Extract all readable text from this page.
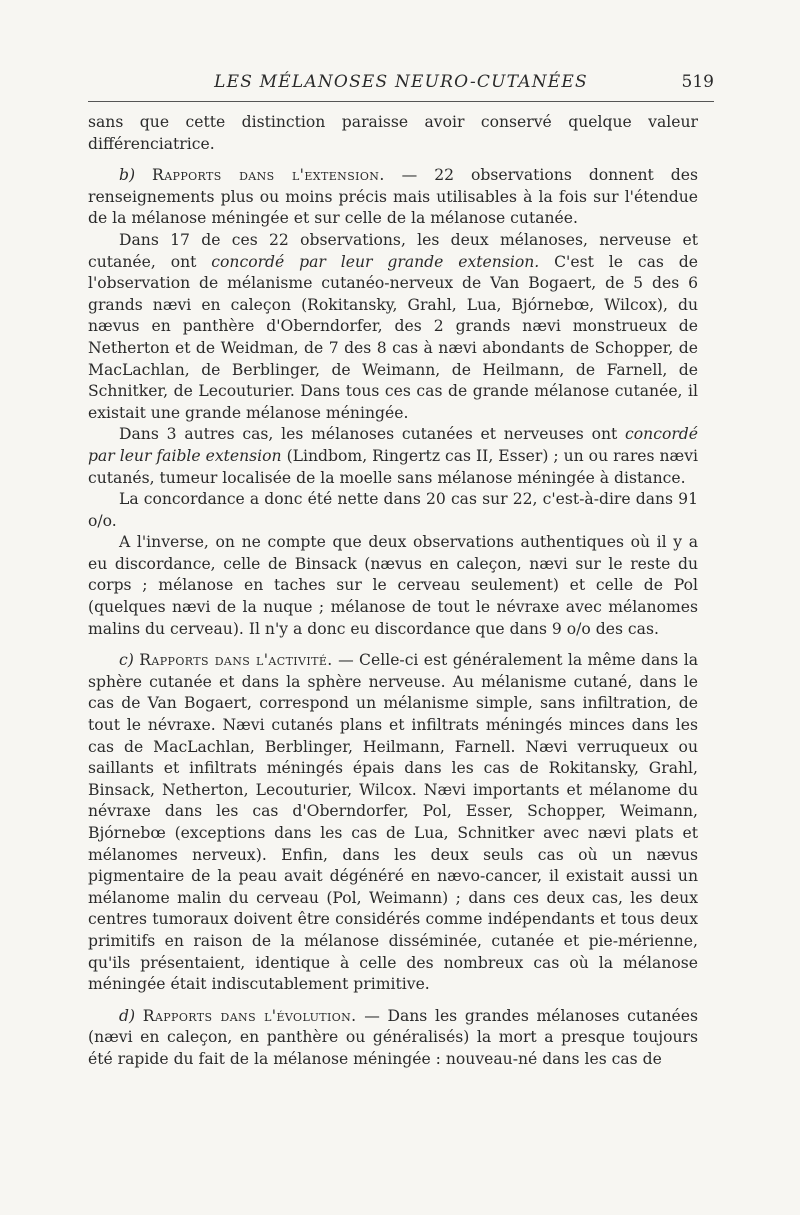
LES MÉLANOSES NEURO-CUTANÉES	519

sans que cette distinction paraisse avoir conservé quelque valeur différenciatrice.

b) Rapports dans l'extension. — 22 observations donnent des renseignements plus ou moins précis mais utilisables à la fois sur l'étendue de la mélanose méningée et sur celle de la mélanose cutanée.

Dans 17 de ces 22 observations, les deux mélanoses, nerveuse et cutanée, ont concordé par leur grande extension. C'est le cas de l'observation de mélanisme cutanéo-nerveux de Van Bogaert, de 5 des 6 grands nævi en caleçon (Rokitansky, Grahl, Lua, Bjórnebœ, Wilcox), du nævus en panthère d'Oberndorfer, des 2 grands nævi monstrueux de Netherton et de Weidman, de 7 des 8 cas à nævi abondants de Schopper, de MacLachlan, de Berblinger, de Weimann, de Heilmann, de Farnell, de Schnitker, de Lecouturier. Dans tous ces cas de grande mélanose cutanée, il existait une grande mélanose méningée.

Dans 3 autres cas, les mélanoses cutanées et nerveuses ont concordé par leur faible extension (Lindbom, Ringertz cas II, Esser) ; un ou rares nævi cutanés, tumeur localisée de la moelle sans mélanose méningée à distance.

La concordance a donc été nette dans 20 cas sur 22, c'est-à-dire dans 91 o/o.

A l'inverse, on ne compte que deux observations authentiques où il y a eu discordance, celle de Binsack (nævus en caleçon, nævi sur le reste du corps ; mélanose en taches sur le cerveau seulement) et celle de Pol (quelques nævi de la nuque ; mélanose de tout le névraxe avec mélanomes malins du cerveau). Il n'y a donc eu discordance que dans 9 o/o des cas.

c) Rapports dans l'activité. — Celle-ci est généralement la même dans la sphère cutanée et dans la sphère nerveuse. Au mélanisme cutané, dans le cas de Van Bogaert, correspond un mélanisme simple, sans infiltration, de tout le névraxe. Nævi cutanés plans et infiltrats méningés minces dans les cas de MacLachlan, Berblinger, Heilmann, Farnell. Nævi verruqueux ou saillants et infiltrats méningés épais dans les cas de Rokitansky, Grahl, Binsack, Netherton, Lecouturier, Wilcox. Nævi importants et mélanome du névraxe dans les cas d'Oberndorfer, Pol, Esser, Schopper, Weimann, Bjórnebœ (exceptions dans les cas de Lua, Schnitker avec nævi plats et mélanomes nerveux). Enfin, dans les deux seuls cas où un nævus pigmentaire de la peau avait dégénéré en nævo-cancer, il existait aussi un mélanome malin du cerveau (Pol, Weimann) ; dans ces deux cas, les deux centres tumoraux doivent être considérés comme indépendants et tous deux primitifs en raison de la mélanose disséminée, cutanée et pie-mérienne, qu'ils présentaient, identique à celle des nombreux cas où la mélanose méningée était indiscutablement primitive.

d) Rapports dans l'évolution. — Dans les grandes mélanoses cutanées (nævi en caleçon, en panthère ou généralisés) la mort a presque toujours été rapide du fait de la mélanose méningée : nouveau-né dans les cas de
